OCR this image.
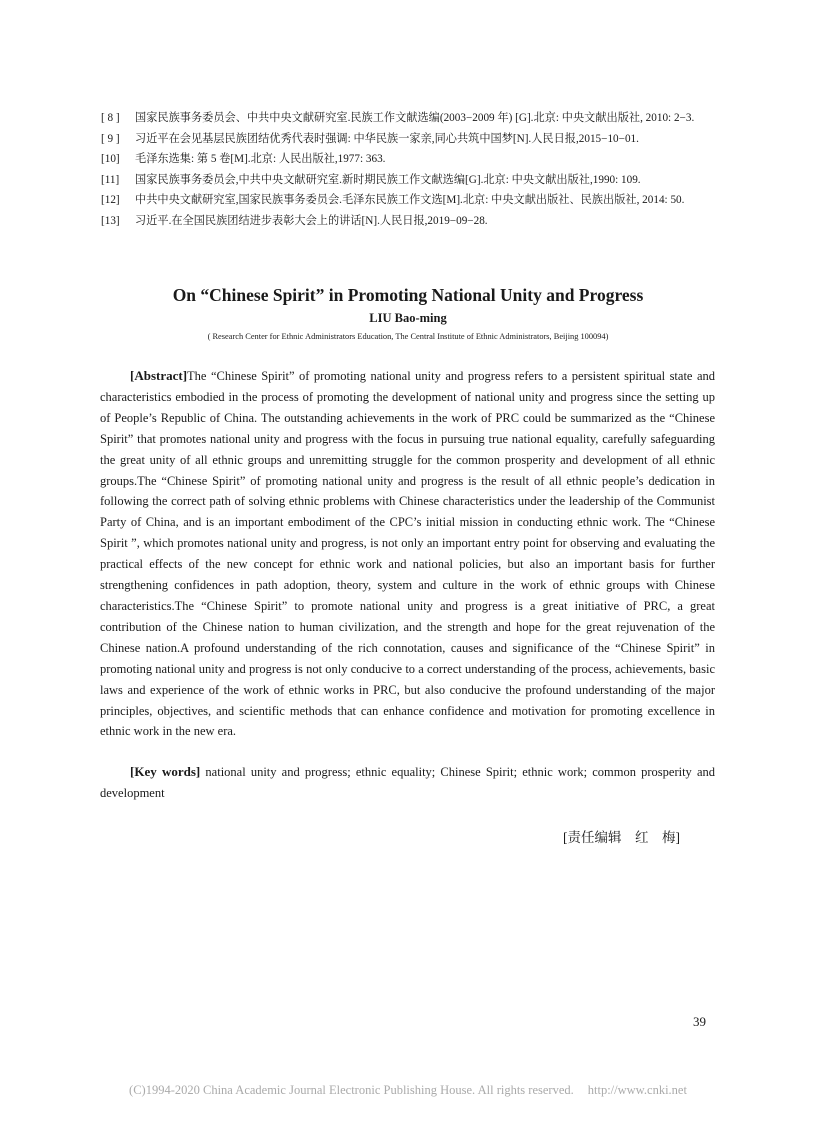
[ 8 ]	国家民族事务委员会、中共中央文献研究室.民族工作文献选编(2003−2009 年) [G].北京: 中央文献出版社, 2010: 2−3.
[ 9 ]	习近平在会见基层民族团结优秀代表时强调: 中华民族一家亲,同心共筑中国梦[N].人民日报,2015−10−01.
[10]	毛泽东选集: 第 5 卷[M].北京: 人民出版社,1977: 363.
[11]	国家民族事务委员会,中共中央文献研究室.新时期民族工作文献选编[G].北京: 中央文献出版社,1990: 109.
[12]	中共中央文献研究室,国家民族事务委员会.毛泽东民族工作文选[M].北京: 中央文献出版社、民族出版社, 2014: 50.
[13]	习近平.在全国民族团结进步表彰大会上的讲话[N].人民日报,2019−09−28.
On “Chinese Spirit” in Promoting National Unity and Progress
LIU Bao-ming
( Research Center for Ethnic Administrators Education, The Central Institute of Ethnic Administrators, Beijing 100094)

[Abstract]The “Chinese Spirit” of promoting national unity and progress refers to a persistent spiritual state and characteristics embodied in the process of promoting the development of national unity and progress since the setting up of People’s Republic of China. The outstanding achievements in the work of PRC could be summarized as the “Chinese Spirit” that promotes national unity and progress with the focus in pursuing true national equality, carefully safeguarding the great unity of all ethnic groups and unremitting struggle for the common prosperity and development of all ethnic groups.The “Chinese Spirit” of promoting national unity and progress is the result of all ethnic people’s dedication in following the correct path of solving ethnic problems with Chinese characteristics under the leadership of the Communist Party of China, and is an important embodiment of the CPC’s initial mission in conducting ethnic work. The “Chinese Spirit ”, which promotes national unity and progress, is not only an important entry point for observing and evaluating the practical effects of the new concept for ethnic work and national policies, but also an important basis for further strengthening confidences in path adoption, theory, system and culture in the work of ethnic groups with Chinese characteristics.The “Chinese Spirit” to promote national unity and progress is a great initiative of PRC, a great contribution of the Chinese nation to human civilization, and the strength and hope for the great rejuvenation of the Chinese nation.A profound understanding of the rich connotation, causes and significance of the “Chinese Spirit” in promoting national unity and progress is not only conducive to a correct understanding of the process, achievements, basic laws and experience of the work of ethnic works in PRC, but also conducive the profound understanding of the major principles, objectives, and scientific methods that can enhance confidence and motivation for promoting excellence in ethnic work in the new era.

[Key words] national unity and progress; ethnic equality; Chinese Spirit; ethnic work; common prosperity and development

[责任编辑　红　梅]
39
(C)1994-2020 China Academic Journal Electronic Publishing House. All rights reserved. http://www.cnki.net
